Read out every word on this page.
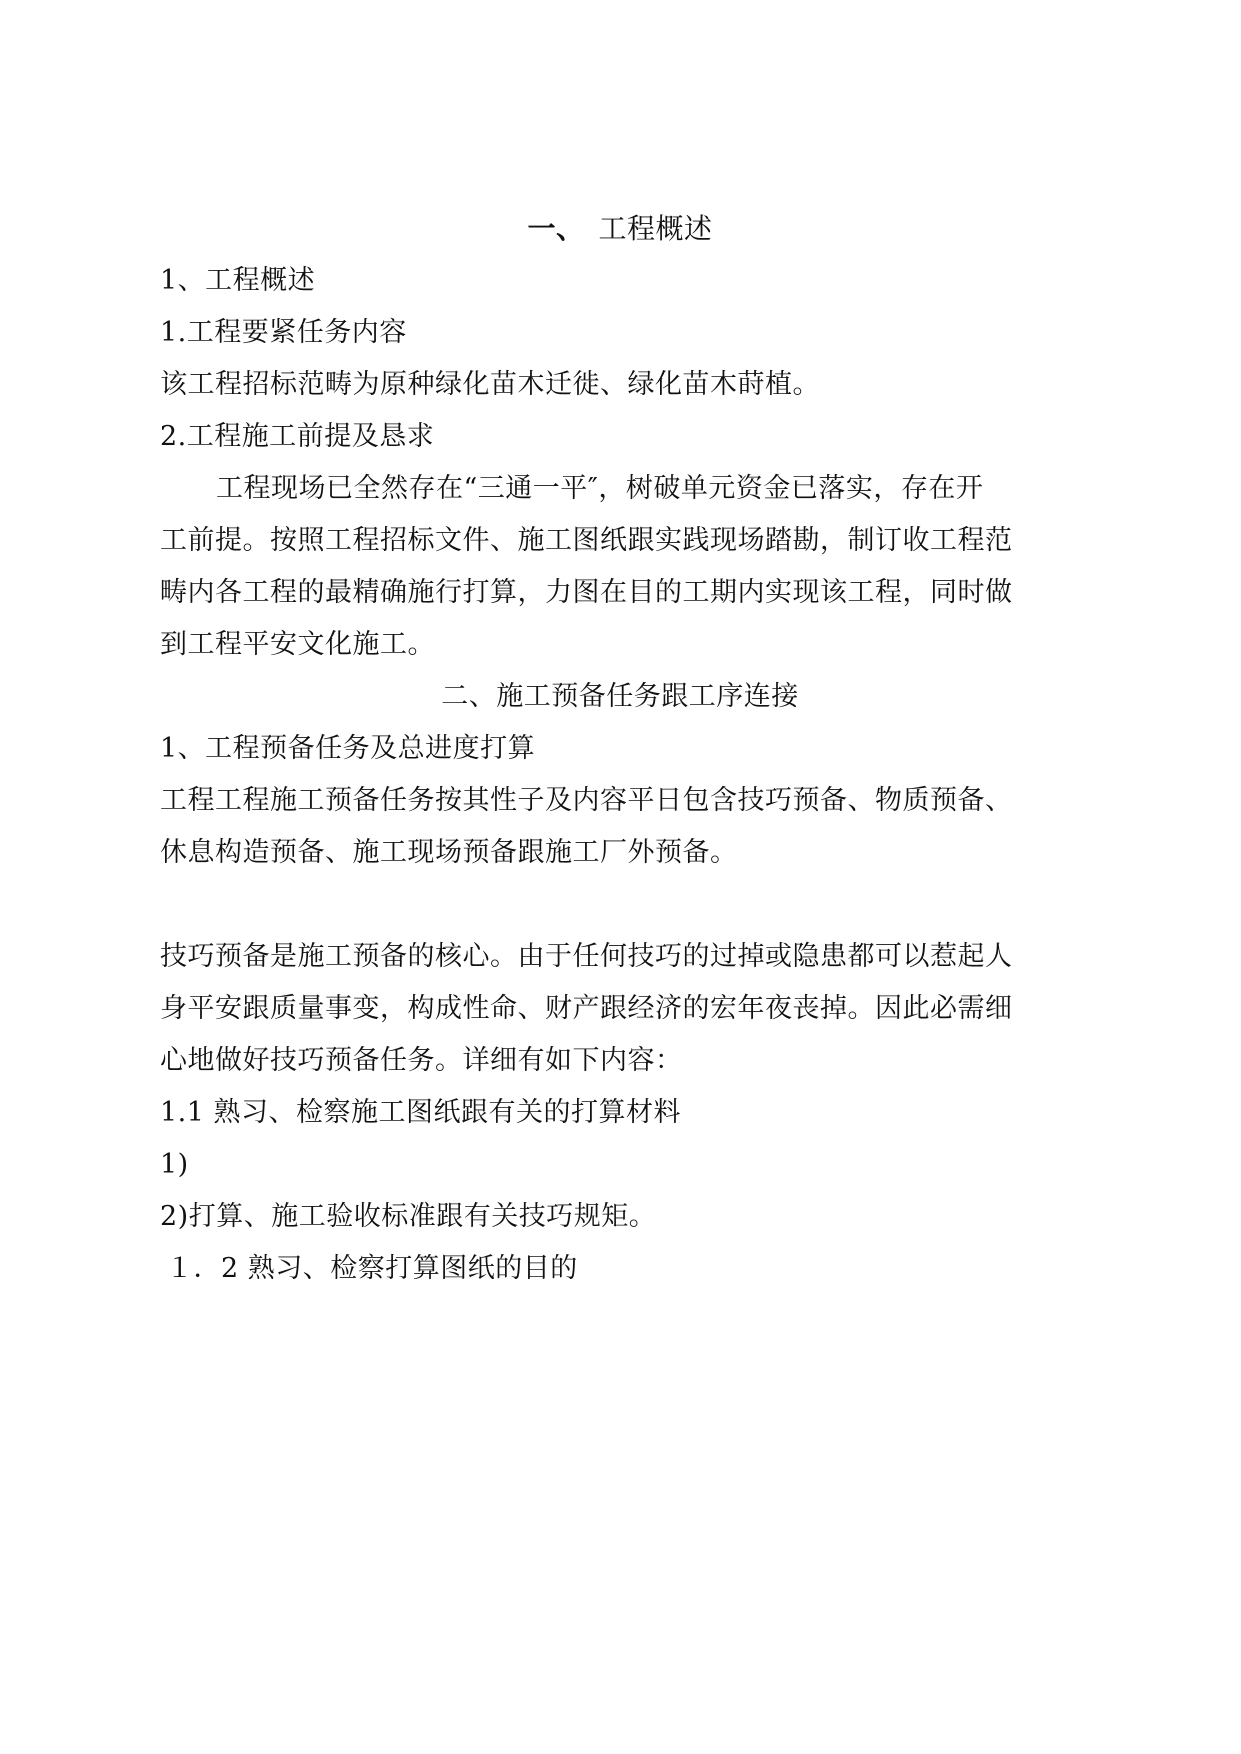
一、 工程概述
1、工程概述
1.工程要紧任务内容
该工程招标范畴为原种绿化苗木迁徙、绿化苗木莳植。
2.工程施工前提及恳求
工程现场已全然存在“三通一平″，树破单元资金已落实，存在开
工前提。按照工程招标文件、施工图纸跟实践现场踏勘，制订收工程范
畴内各工程的最精确施行打算，力图在目的工期内实现该工程，同时做
到工程平安文化施工。
二、施工预备任务跟工序连接
1、工程预备任务及总进度打算
工程工程施工预备任务按其性子及内容平日包含技巧预备、物质预备、
休息构造预备、施工现场预备跟施工厂外预备。
技巧预备是施工预备的核心。由于任何技巧的过掉或隐患都可以惹起人
身平安跟质量事变，构成性命、财产跟经济的宏年夜丧掉。因此必需细
心地做好技巧预备任务。详细有如下内容：
1.1 熟习、检察施工图纸跟有关的打算材料
1)
2)打算、施工验收标准跟有关技巧规矩。
１．2 熟习、检察打算图纸的目的
